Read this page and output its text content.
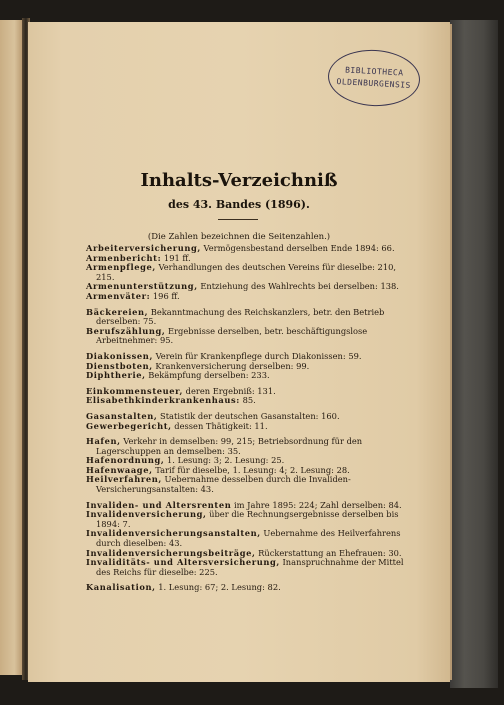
BIBLIOTHECA
OLDENBURGENSIS
Inhalts-Verzeichniß
des 43. Bandes (1896).
(Die Zahlen bezeichnen die Seitenzahlen.)
Arbeiterversicherung, Vermögensbestand derselben Ende 1894: 66.
Armenbericht: 191 ff.
Armenpflege, Verhandlungen des deutschen Vereins für dieselbe: 210, 215.
Armenunterstützung, Entziehung des Wahlrechts bei derselben: 138.
Armenväter: 196 ff.
Bäckereien, Bekanntmachung des Reichskanzlers, betr. den Betrieb derselben: 75.
Berufszählung, Ergebnisse derselben, betr. beschäftigungslose Arbeitnehmer: 95.
Diakonissen, Verein für Krankenpflege durch Diakonissen: 59.
Dienstboten, Krankenversicherung derselben: 99.
Diphtherie, Bekämpfung derselben: 233.
Einkommensteuer, deren Ergebniß: 131.
Elisabethkinderkrankenhaus: 85.
Gasanstalten, Statistik der deutschen Gasanstalten: 160.
Gewerbegericht, dessen Thätigkeit: 11.
Hafen, Verkehr in demselben: 99, 215; Betriebsordnung für den Lagerschuppen an demselben: 35.
Hafenordnung, 1. Lesung: 3; 2. Lesung: 25.
Hafenwaage, Tarif für dieselbe, 1. Lesung: 4; 2. Lesung: 28.
Heilverfahren, Uebernahme desselben durch die Invaliden-Versicherungsanstalten: 43.
Invaliden- und Altersrenten im Jahre 1895: 224; Zahl derselben: 84.
Invalidenversicherung, über die Rechnungsergebnisse derselben bis 1894: 7.
Invalidenversicherungsanstalten, Uebernahme des Heilverfahrens durch dieselben: 43.
Invalidenversicherungsbeiträge, Rückerstattung an Ehefrauen: 30.
Invaliditäts- und Altersversicherung, Inanspruchnahme der Mittel des Reichs für dieselbe: 225.
Kanalisation, 1. Lesung: 67; 2. Lesung: 82.
